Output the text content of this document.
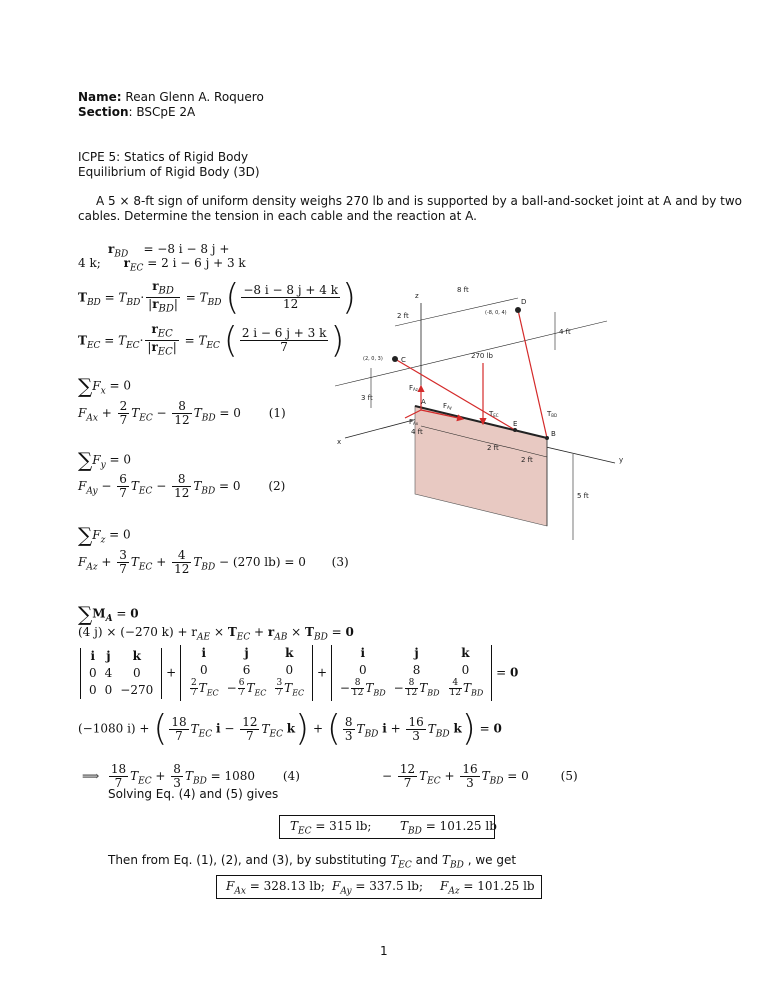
Name: Rean Glenn A. Roquero
Section: BSCpE 2A
ICPE 5: Statics of Rigid Body
Equilibrium of Rigid Body (3D)
A 5 × 8-ft sign of uniform density weighs 270 lb and is supported by a ball-and-socket joint at A and by two
cables. Determine the tension in each cable and the reaction at A.
$r_{BD} = -8$ i − 8 j +
4 k; $r_{EC} = 2$ i − 6 j + 3 k
$T_{BD} = T_{BD}\cdot \frac{r_{BD}}{|r_{BD}|} = T_{BD}$ ( $\frac{-8 i - 8 j + 4 k}{12}$ )
$T_{EC} = T_{EC}\cdot \frac{r_{EC}}{|r_{EC}|} = T_{EC}$ ( $\frac{2 i - 6 j + 3 k}{7}$ )
$\sum F_x = 0$
$F_{Ax} + \frac{2}{7} T_{EC} - \frac{8}{12} T_{BD} = 0$ (1)
$\sum F_y = 0$
$F_{Ay} - \frac{6}{7} T_{EC} - \frac{8}{12} T_{BD} = 0$ (2)
$\sum F_z = 0$
$F_{Az} + \frac{3}{7} T_{EC} + \frac{4}{12} T_{BD} - (270$ lb) = 0 (3)
$\sum M_A = 0$
(4 j) × (−270 $k) + r_{AE} \times T_{EC} + r_{AB} \times T_{BD} = 0$
i	j	k
0	4	0
0	0	−270
+
i	j	k
0	6	0

$\frac{2}{7} T_{EC}$	− $\frac{6}{7} T_{EC}$	$\frac{3}{7} T_{EC}$
+
i	j	k
0	8	0
− $\frac{8}{12} T_{BD}$	− $\frac{8}{12} T_{BD}$	$\frac{4}{12} T_{BD}$
= 0
(−1080 i) + ( $\frac{18}{7} T_{EC}$ $i - \frac{12}{7} T_{EC}$ k) + ( $\frac{8}{3} T_{BD}$ $i + \frac{16}{3} T_{BD}$ k) = 0
⟹ $\frac{18}{7} T_{EC} + \frac{8}{3} T_{BD} = 1080$ (4)	− $\frac{12}{7} T_{EC} + \frac{16}{3} T_{BD} = 0$	(5)
Solving Eq. (4) and (5) gives
$T_{EC} = 315$ lb; $T_{BD} = 101.25$ lb
Then from Eq. (1), (2), and (3), by substituting $T_{EC}$ and $T_{BD}$ , we get
$F_{Ax} = 328.13$ lb; $F_{Ay} = 337.5$ lb; $F_{Az} = 101.25$ lb
1
z
x
y
D
(-8, 0, 4)
C
(2, 0, 3)
A
E
B
8 ft
2 ft
4 ft
270 lb
3 ft
4 ft
2 ft
2 ft
5 ft
FAz
FAy
FAx
TEC	TBD
